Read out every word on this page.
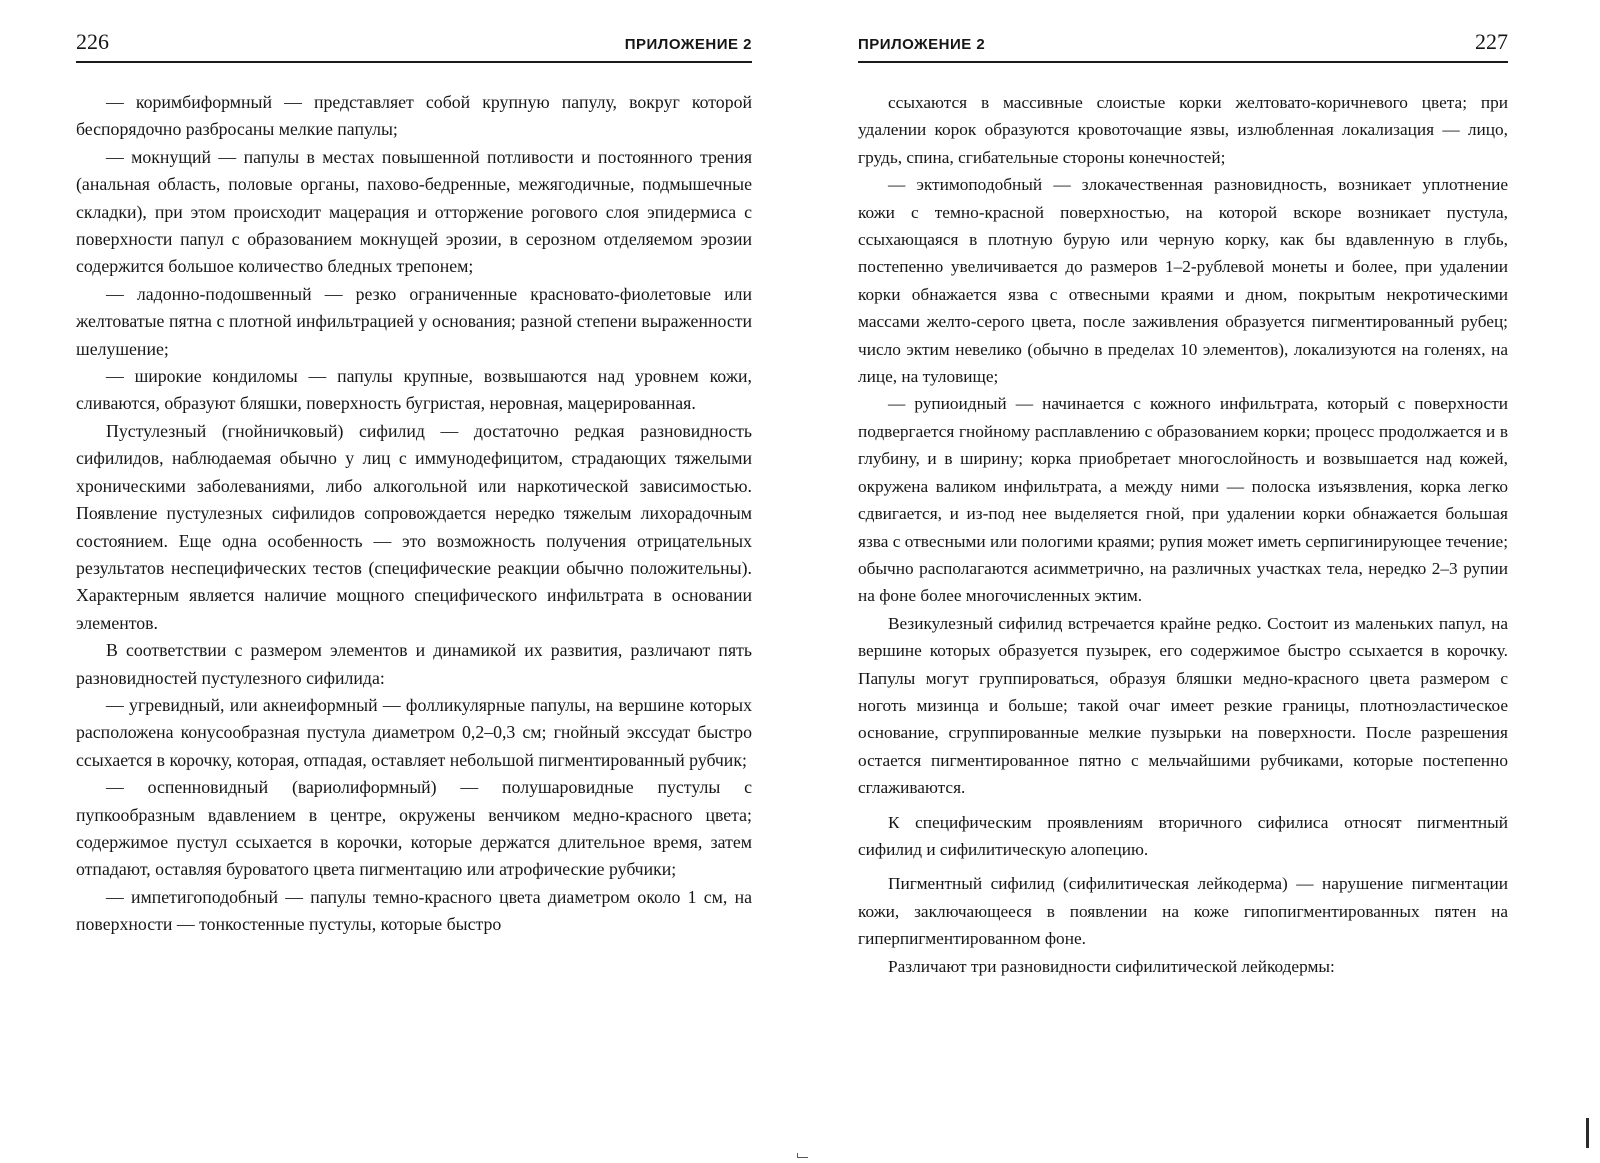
226	ПРИЛОЖЕНИЕ 2

— коримбиформный — представляет собой крупную папулу, вокруг которой беспорядочно разбросаны мелкие папулы;

— мокнущий — папулы в местах повышенной потливости и постоянного трения (анальная область, половые органы, пахово-бедренные, межягодичные, подмышечные складки), при этом происходит мацерация и отторжение рогового слоя эпидермиса с поверхности папул с образованием мокнущей эрозии, в серозном отделяемом эрозии содержится большое количество бледных трепонем;

— ладонно-подошвенный — резко ограниченные красновато-фиолетовые или желтоватые пятна с плотной инфильтрацией у основания; разной степени выраженности шелушение;

— широкие кондиломы — папулы крупные, возвышаются над уровнем кожи, сливаются, образуют бляшки, поверхность бугристая, неровная, мацерированная.

Пустулезный (гнойничковый) сифилид — достаточно редкая разновидность сифилидов, наблюдаемая обычно у лиц с иммунодефицитом, страдающих тяжелыми хроническими заболеваниями, либо алкогольной или наркотической зависимостью. Появление пустулезных сифилидов сопровождается нередко тяжелым лихорадочным состоянием. Еще одна особенность — это возможность получения отрицательных результатов неспецифических тестов (специфические реакции обычно положительны). Характерным является наличие мощного специфического инфильтрата в основании элементов.

В соответствии с размером элементов и динамикой их развития, различают пять разновидностей пустулезного сифилида:

— угревидный, или акнеиформный — фолликулярные папулы, на вершине которых расположена конусообразная пустула диаметром 0,2–0,3 см; гнойный экссудат быстро ссыхается в корочку, которая, отпадая, оставляет небольшой пигментированный рубчик;

— оспенновидный (вариолиформный) — полушаровидные пустулы с пупкообразным вдавлением в центре, окружены венчиком медно-красного цвета; содержимое пустул ссыхается в корочки, которые держатся длительное время, затем отпадают, оставляя буроватого цвета пигментацию или атрофические рубчики;

— импетигоподобный — папулы темно-красного цвета диаметром около 1 см, на поверхности — тонкостенные пустулы, которые быстро

ПРИЛОЖЕНИЕ 2	227

ссыхаются в массивные слоистые корки желтовато-коричневого цвета; при удалении корок образуются кровоточащие язвы, излюбленная локализация — лицо, грудь, спина, сгибательные стороны конечностей;

— эктимоподобный — злокачественная разновидность, возникает уплотнение кожи с темно-красной поверхностью, на которой вскоре возникает пустула, ссыхающаяся в плотную бурую или черную корку, как бы вдавленную в глубь, постепенно увеличивается до размеров 1–2-рублевой монеты и более, при удалении корки обнажается язва с отвесными краями и дном, покрытым некротическими массами желто-серого цвета, после заживления образуется пигментированный рубец; число эктим невелико (обычно в пределах 10 элементов), локализуются на голенях, на лице, на туловище;

— рупиоидный — начинается с кожного инфильтрата, который с поверхности подвергается гнойному расплавлению с образованием корки; процесс продолжается и в глубину, и в ширину; корка приобретает многослойность и возвышается над кожей, окружена валиком инфильтрата, а между ними — полоска изъязвления, корка легко сдвигается, и из-под нее выделяется гной, при удалении корки обнажается большая язва с отвесными или пологими краями; рупия может иметь серпигинирующее течение; обычно располагаются асимметрично, на различных участках тела, нередко 2–3 рупии на фоне более многочисленных эктим.

Везикулезный сифилид встречается крайне редко. Состоит из маленьких папул, на вершине которых образуется пузырек, его содержимое быстро ссыхается в корочку. Папулы могут группироваться, образуя бляшки медно-красного цвета размером с ноготь мизинца и больше; такой очаг имеет резкие границы, плотноэластическое основание, сгруппированные мелкие пузырьки на поверхности. После разрешения остается пигментированное пятно с мельчайшими рубчиками, которые постепенно сглаживаются.

К специфическим проявлениям вторичного сифилиса относят пигментный сифилид и сифилитическую алопецию.

Пигментный сифилид (сифилитическая лейкодерма) — нарушение пигментации кожи, заключающееся в появлении на коже гипопигментированных пятен на гиперпигментированном фоне.

Различают три разновидности сифилитической лейкодермы:
